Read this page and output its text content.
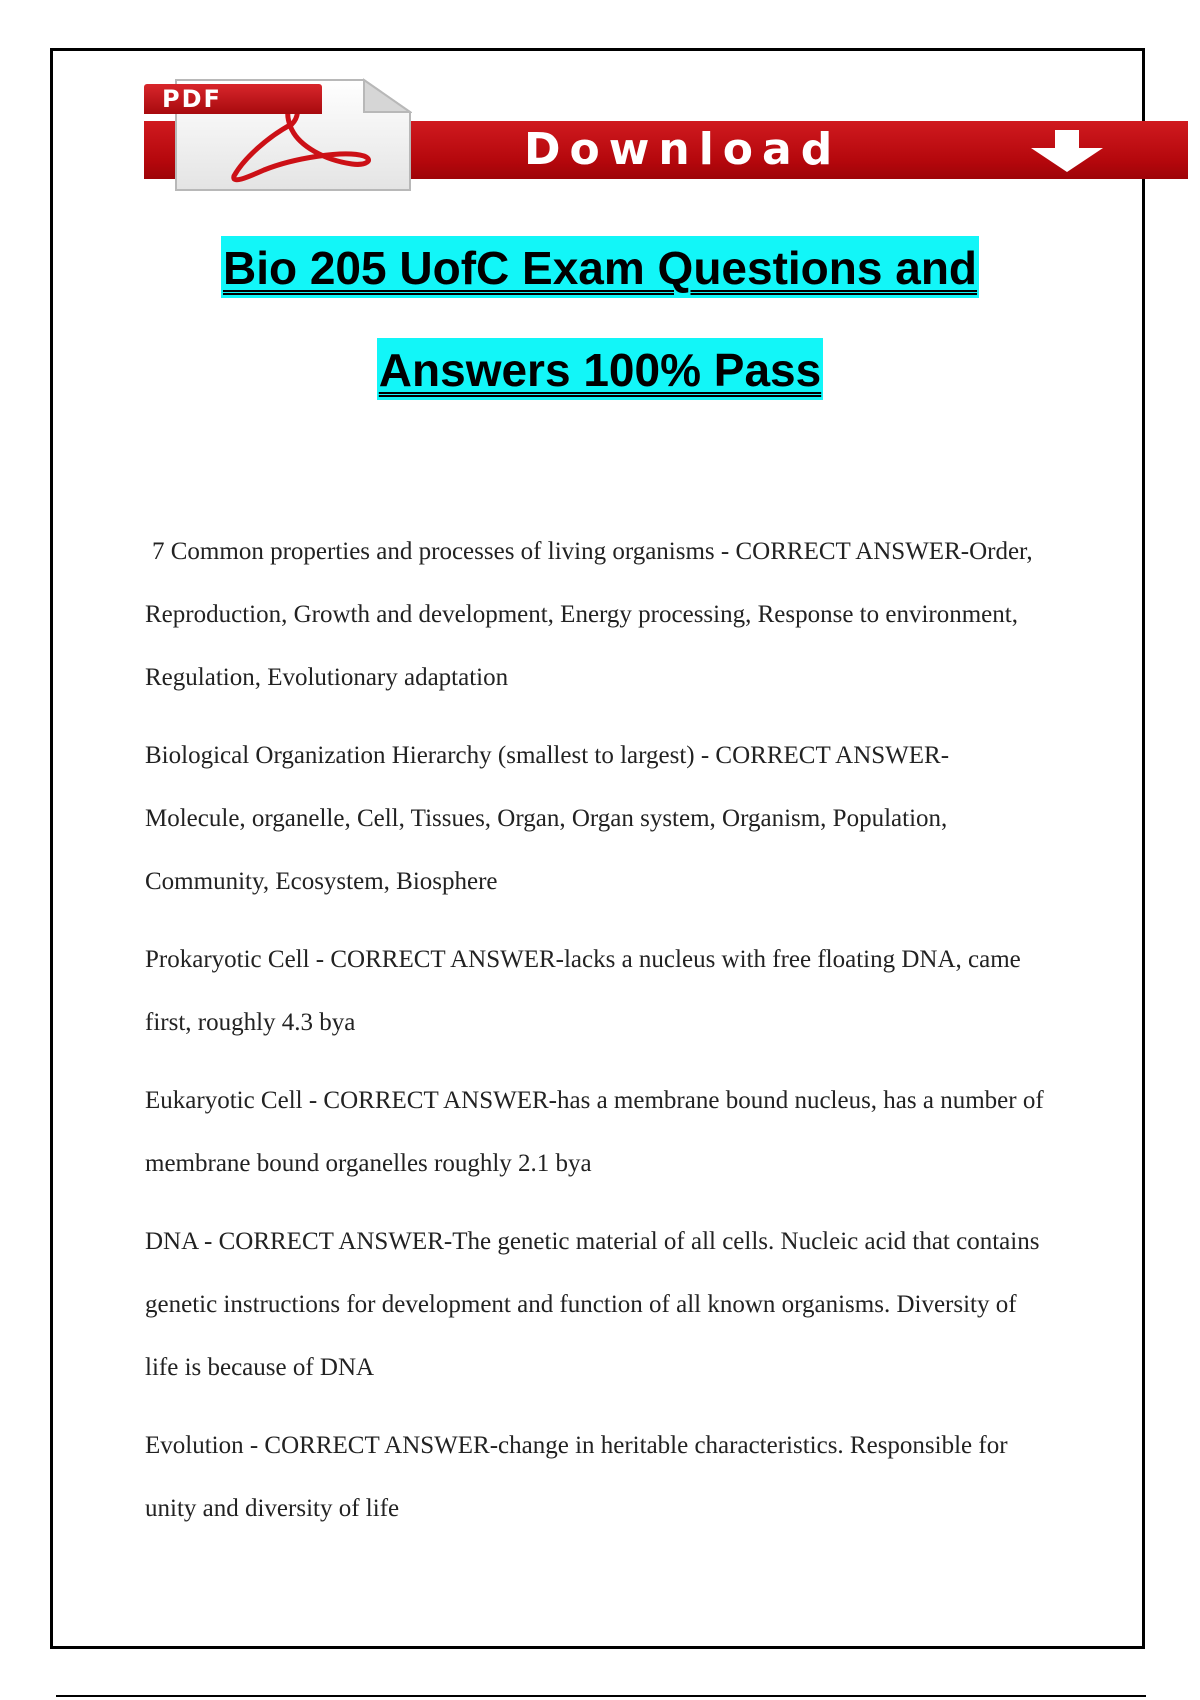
Download
PDF
Bio 205 UofC Exam Questions and
Answers 100% Pass
7 Common properties and processes of living organisms - CORRECT ANSWER-Order, Reproduction, Growth and development, Energy processing, Response to environment, Regulation, Evolutionary adaptation
Biological Organization Hierarchy (smallest to largest) - CORRECT ANSWER-Molecule, organelle, Cell, Tissues, Organ, Organ system, Organism, Population, Community, Ecosystem, Biosphere
Prokaryotic Cell - CORRECT ANSWER-lacks a nucleus with free floating DNA, came first, roughly 4.3 bya
Eukaryotic Cell - CORRECT ANSWER-has a membrane bound nucleus, has a number of membrane bound organelles roughly 2.1 bya
DNA - CORRECT ANSWER-The genetic material of all cells. Nucleic acid that contains genetic instructions for development and function of all known organisms. Diversity of life is because of DNA
Evolution - CORRECT ANSWER-change in heritable characteristics. Responsible for unity and diversity of life
